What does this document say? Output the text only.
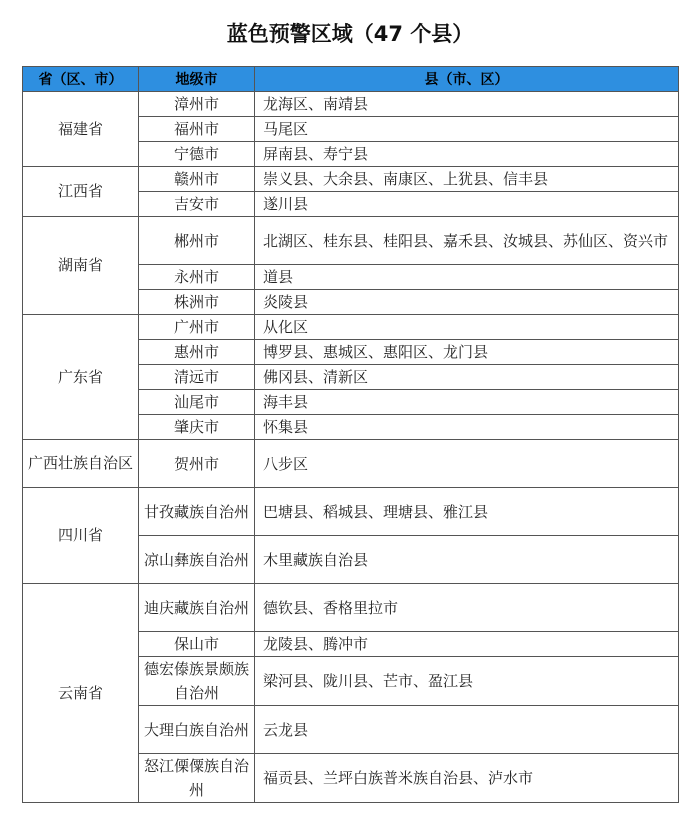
蓝色预警区域（47 个县）
省（区、市）	地级市	县（市、区）
福建省	漳州市	龙海区、南靖县
	福州市	马尾区
	宁德市	屏南县、寿宁县
江西省	赣州市	崇义县、大余县、南康区、上犹县、信丰县
	吉安市	遂川县
湖南省	郴州市	北湖区、桂东县、桂阳县、嘉禾县、汝城县、苏仙区、资兴市
	永州市	道县
	株洲市	炎陵县
广东省	广州市	从化区
	惠州市	博罗县、惠城区、惠阳区、龙门县
	清远市	佛冈县、清新区
	汕尾市	海丰县
	肇庆市	怀集县
广西壮族自治区	贺州市	八步区
四川省	甘孜藏族自治州	巴塘县、稻城县、理塘县、雅江县
	凉山彝族自治州	木里藏族自治县
云南省	迪庆藏族自治州	德钦县、香格里拉市
	保山市	龙陵县、腾冲市
	德宏傣族景颇族自治州	梁河县、陇川县、芒市、盈江县
	大理白族自治州	云龙县
	怒江傈僳族自治州	福贡县、兰坪白族普米族自治县、泸水市
